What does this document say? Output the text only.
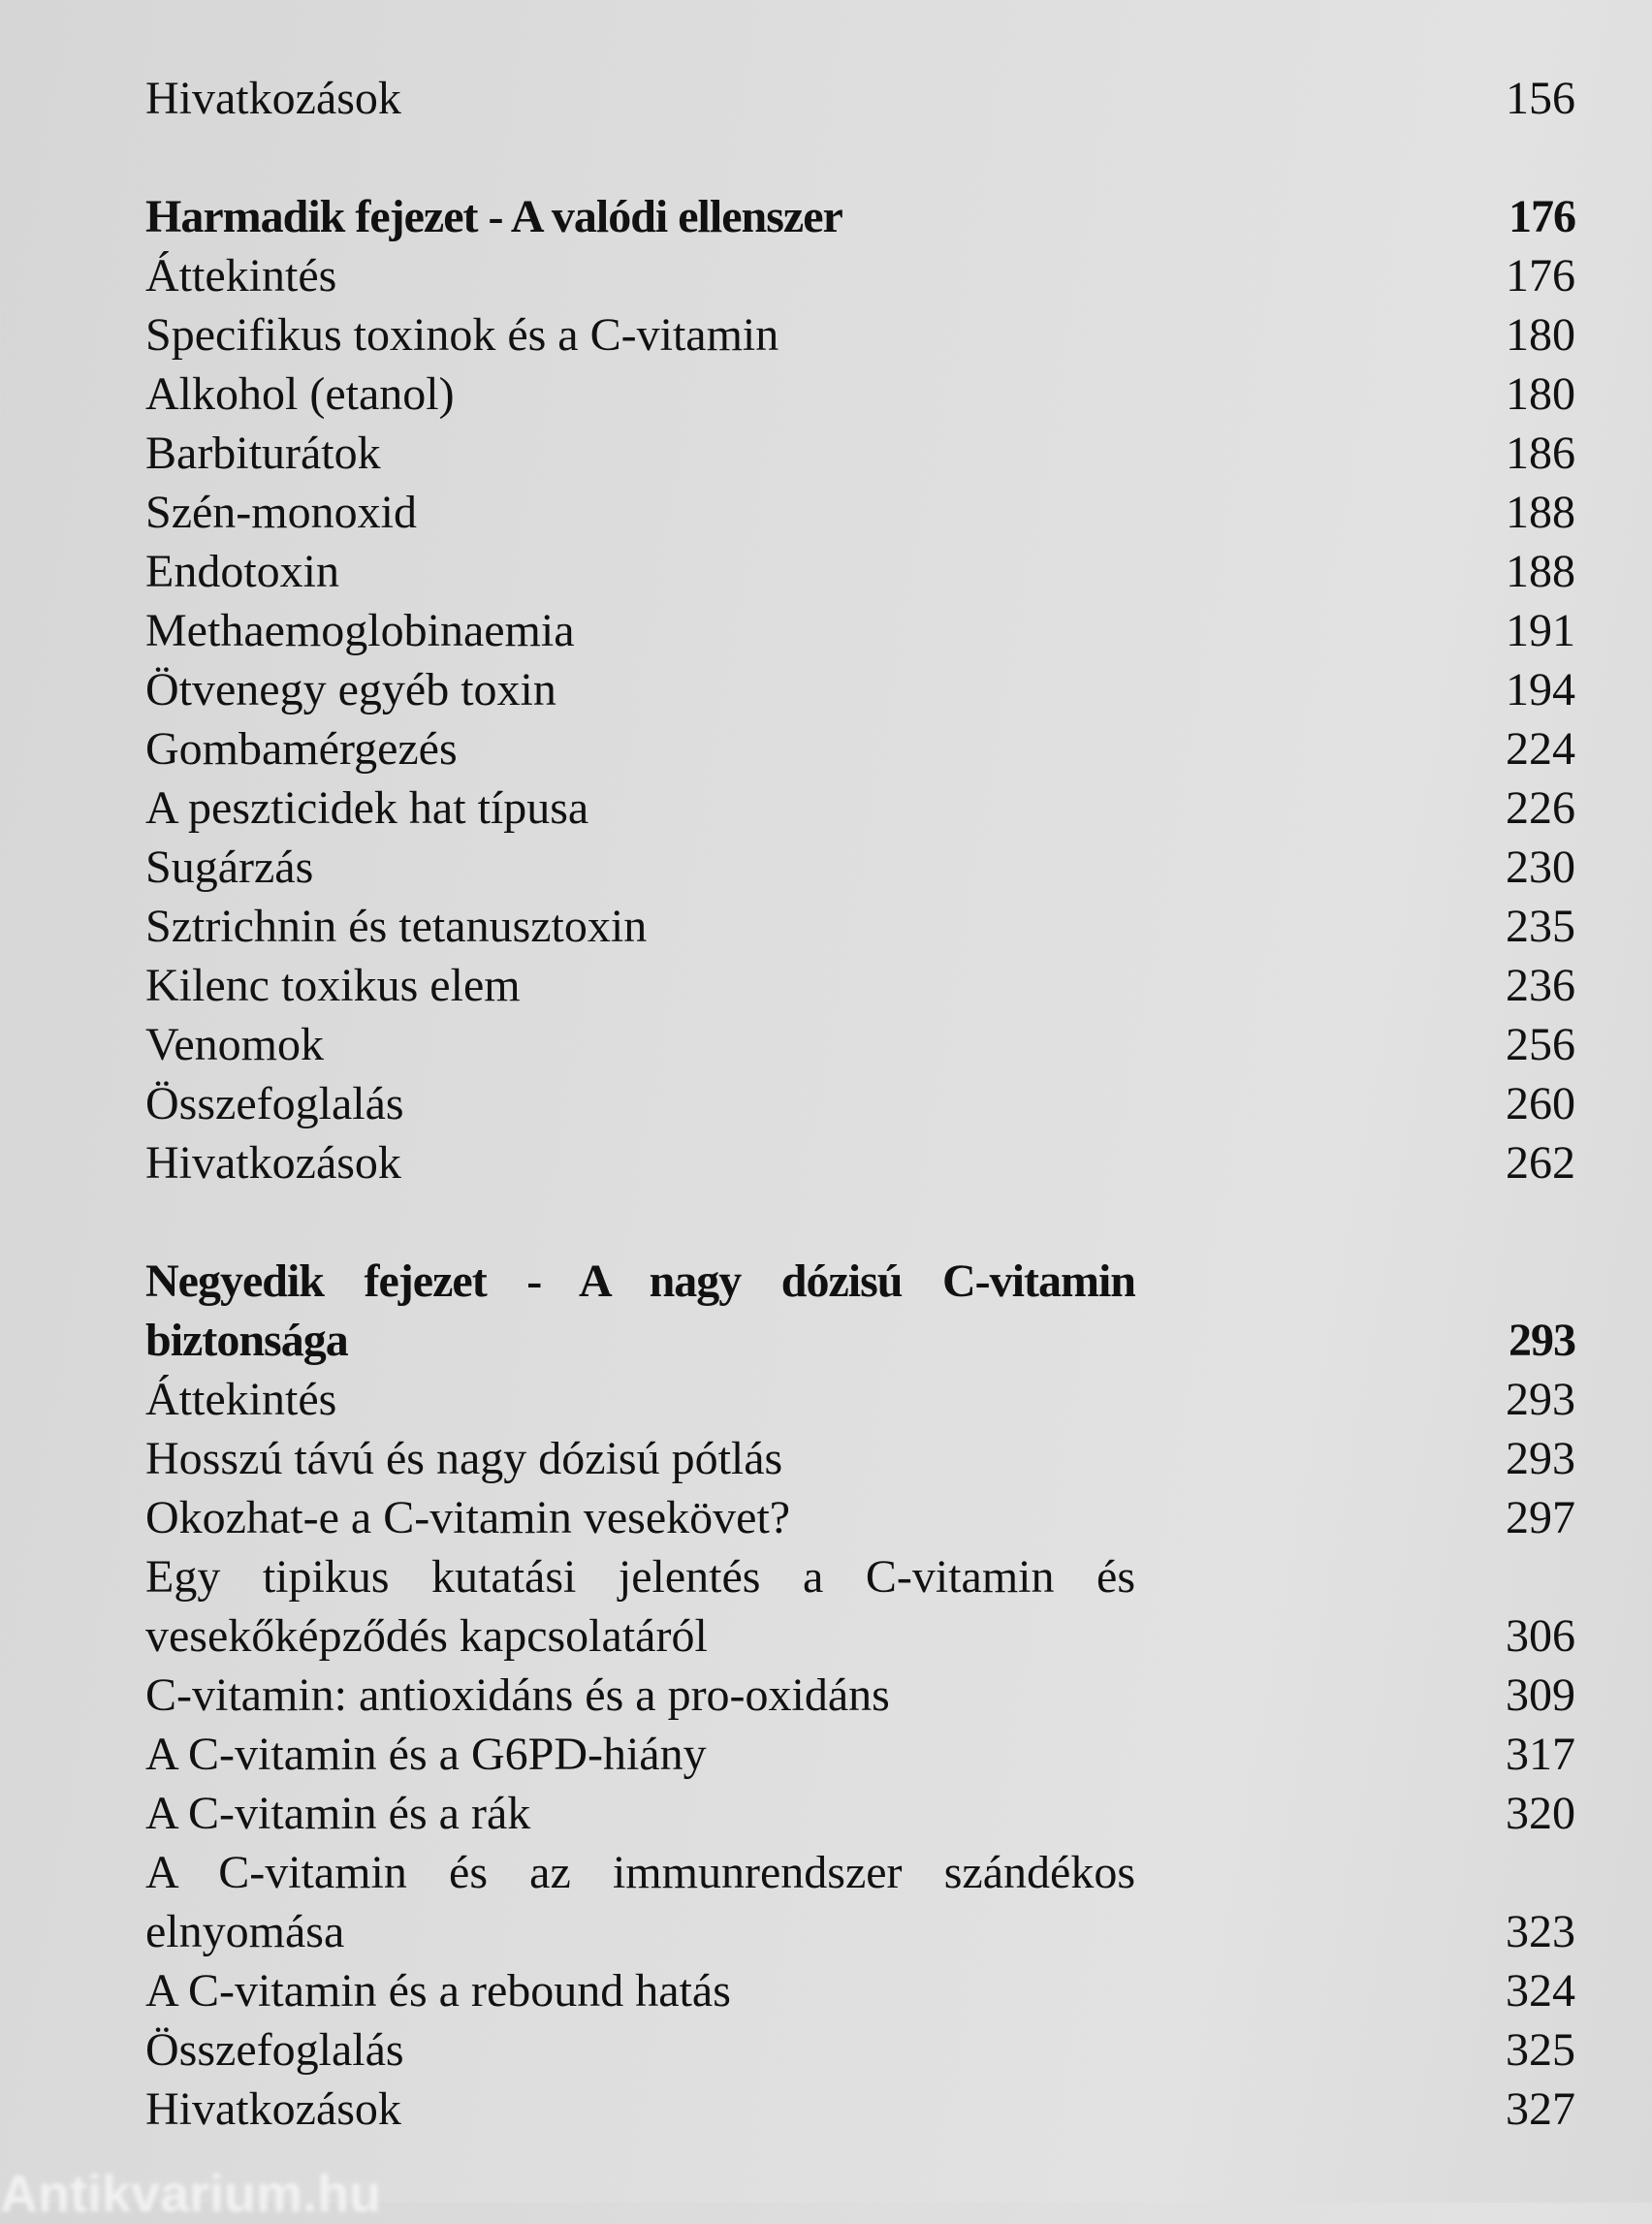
Hivatkozások	156
Harmadik fejezet - A valódi ellenszer	176
Áttekintés	176
Specifikus toxinok és a C-vitamin	180
Alkohol (etanol)	180
Barbiturátok	186
Szén-monoxid	188
Endotoxin	188
Methaemoglobinaemia	191
Ötvenegy egyéb toxin	194
Gombamérgezés	224
A peszticidek hat típusa	226
Sugárzás	230
Sztrichnin és tetanusztoxin	235
Kilenc toxikus elem	236
Venomok	256
Összefoglalás	260
Hivatkozások	262
Negyedik fejezet - A nagy dózisú C-vitamin
biztonsága	293
Áttekintés	293
Hosszú távú és nagy dózisú pótlás	293
Okozhat-e a C-vitamin vesekövet?	297
Egy tipikus kutatási jelentés a C-vitamin és
vesekőképződés kapcsolatáról	306
C-vitamin: antioxidáns és a pro-oxidáns	309
A C-vitamin és a G6PD-hiány	317
A C-vitamin és a rák	320
A C-vitamin és az immunrendszer szándékos
elnyomása	323
A C-vitamin és a rebound hatás	324
Összefoglalás	325
Hivatkozások	327
Antikvarium.hu
